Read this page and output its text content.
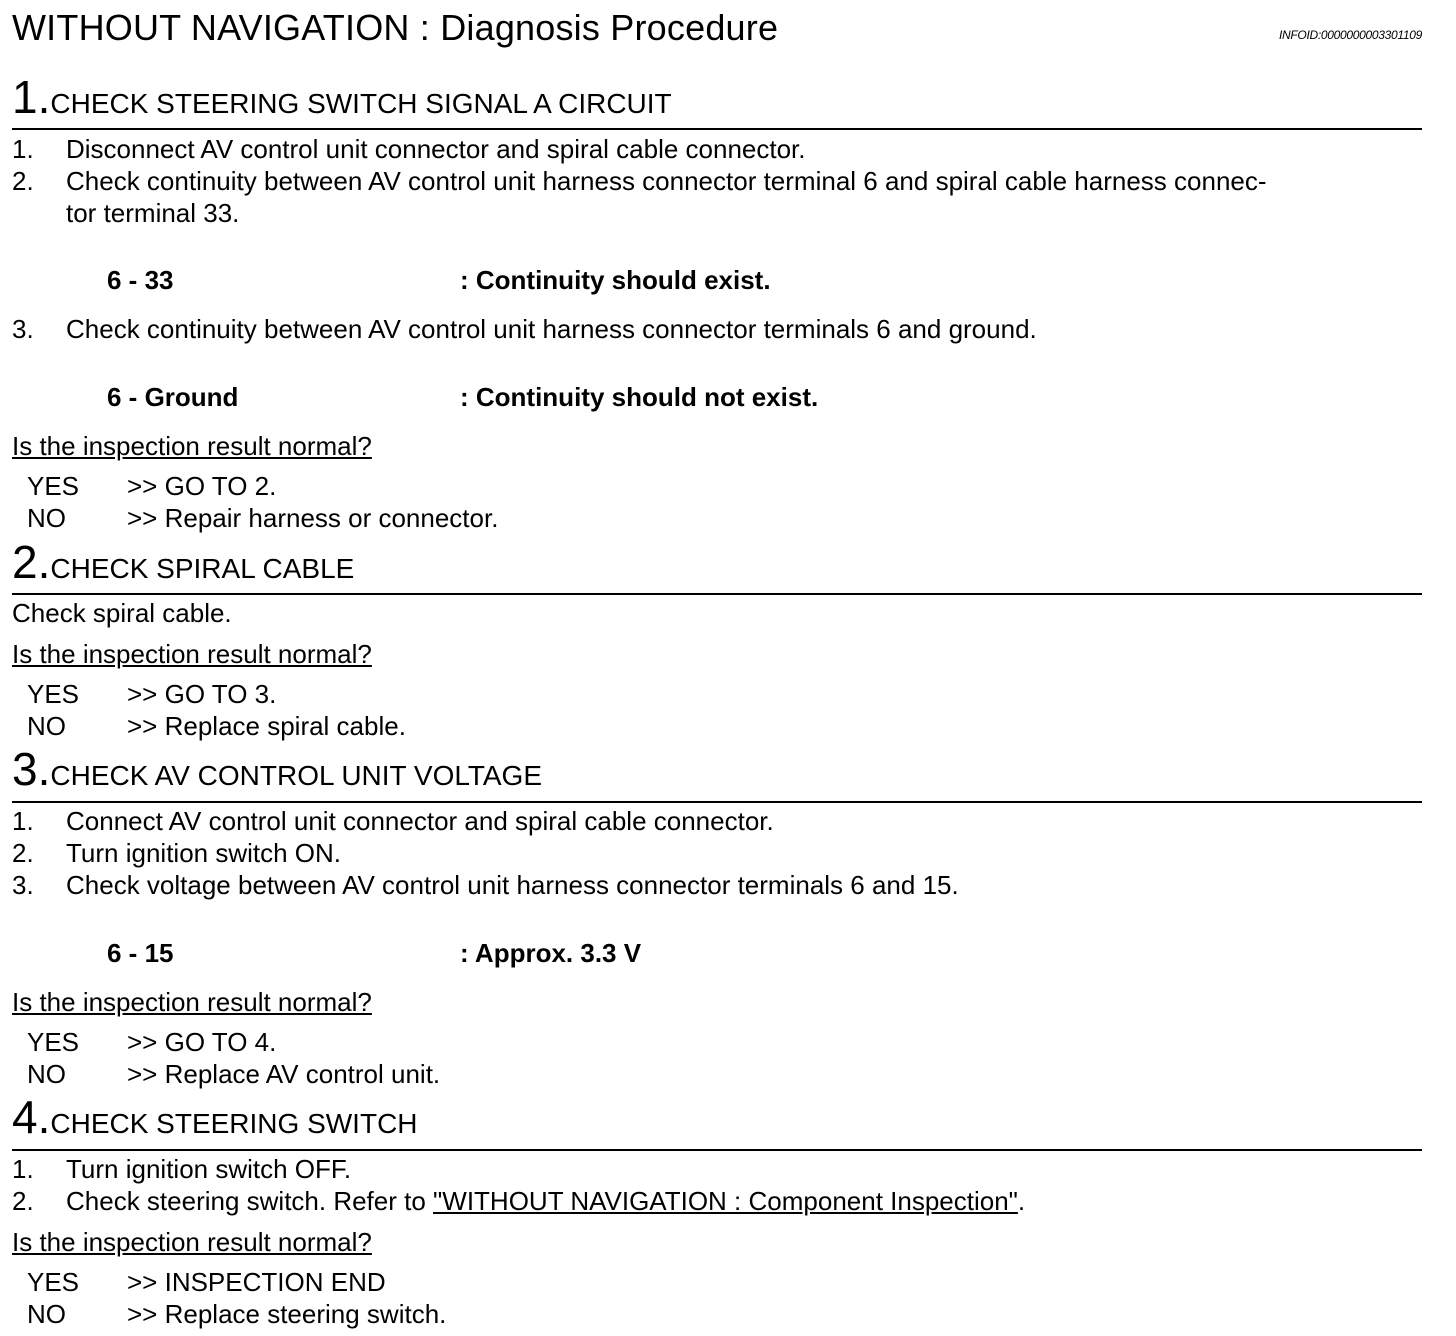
WITHOUT NAVIGATION : Diagnosis Procedure	INFOID:0000000003301109
1.CHECK STEERING SWITCH SIGNAL A CIRCUIT
1. Disconnect AV control unit connector and spiral cable connector.
2. Check continuity between AV control unit harness connector terminal 6 and spiral cable harness connec-
tor terminal 33.
6 - 33	: Continuity should exist.
3. Check continuity between AV control unit harness connector terminals 6 and ground.
6 - Ground	: Continuity should not exist.
Is the inspection result normal?
YES >> GO TO 2.
NO >> Repair harness or connector.
2.CHECK SPIRAL CABLE
Check spiral cable.
Is the inspection result normal?
YES >> GO TO 3.
NO >> Replace spiral cable.
3.CHECK AV CONTROL UNIT VOLTAGE
1. Connect AV control unit connector and spiral cable connector.
2. Turn ignition switch ON.
3. Check voltage between AV control unit harness connector terminals 6 and 15.
6 - 15	: Approx. 3.3 V
Is the inspection result normal?
YES >> GO TO 4.
NO >> Replace AV control unit.
4.CHECK STEERING SWITCH
1. Turn ignition switch OFF.
2. Check steering switch. Refer to "WITHOUT NAVIGATION : Component Inspection".
Is the inspection result normal?
YES >> INSPECTION END
NO >> Replace steering switch.
